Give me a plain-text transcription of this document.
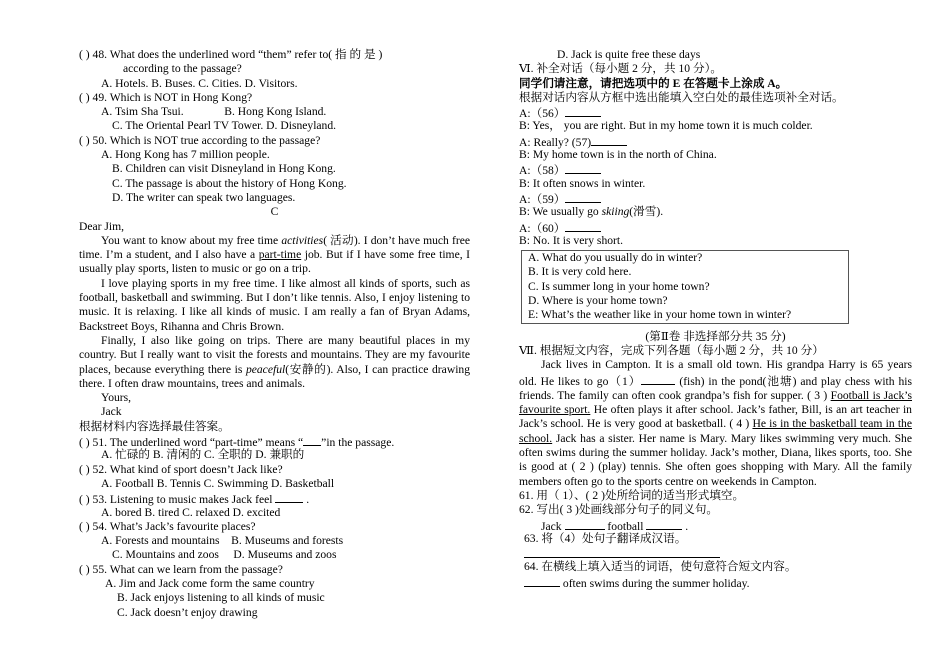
( ) 48. What does the underlined word “them” refer to( 指 的 是 )
according to the passage?
A. Hotels. B. Buses. C. Cities. D. Visitors.
( ) 49. Which is NOT in Hong Kong?
A. Tsim Sha Tsui.              B. Hong Kong Island.
C. The Oriental Pearl TV Tower. D. Disneyland.
( ) 50. Which is NOT true according to the passage?
A. Hong Kong has 7 million people.
B. Children can visit Disneyland in Hong Kong.
C. The passage is about the history of Hong Kong.
D. The writer can speak two languages.
C
Dear Jim,

You want to know about my free time activities( 活动). I don’t have much free time. I’m a student, and I also have a part-time job. But if I have some free time, I usually play sports, listen to music or go on a trip.

I love playing sports in my free time. I like almost all kinds of sports, such as football, basketball and swimming. But I don’t like tennis. Also, I enjoy listening to music. It is relaxing. I like all kinds of music. I am really a fan of Bryan Adams, Backstreet Boys, Rihanna and Chris Brown.

Finally, I also like going on trips. There are many beautiful places in my country. But I really want to visit the forests and mountains. They are my favourite places, because everything there is peaceful(安静的). Also, I can practice drawing there. I often draw mountains, trees and animals.

Yours,
Jack
根据材料内容选择最佳答案。
( ) 51. The underlined word “part-time” means “ ”in the passage.
A. 忙碌的 B. 清闲的 C. 全职的 D. 兼职的
( ) 52. What kind of sport doesn’t Jack like?
A. Football B. Tennis C. Swimming D. Basketball
( ) 53. Listening to music makes Jack feel	.
A. bored B. tired C. relaxed D. excited
( ) 54. What’s Jack’s favourite places?
A. Forests and mountains    B. Museums and forests
C. Mountains and zoos     D. Museums and zoos
( ) 55. What can we learn from the passage?
A. Jim and Jack come form the same country
B. Jack enjoys listening to all kinds of music
C. Jack doesn’t enjoy drawing
D. Jack is quite free these days
Ⅵ. 补全对话（每小题 2 分，共 10 分）。
同学们请注意，请把选项中的 E 在答题卡上涂成 A。
根据对话内容从方框中选出能填入空白处的最佳选项补全对话。
A:（56）
B: Yes， you are right. But in my home town it is much colder.
A: Really? (57)
B: My home town is in the north of China.
A:（58）
B: It often snows in winter.
A:（59）
B: We usually go skiing(滑雪).
A:（60）
B: No. It is very short.
A. What do you usually do in winter?
B. It is very cold here.
C. Is summer long in your home town?
D. Where is your home town?
E: What’s the weather like in your home town in winter?
(第Ⅱ卷 非选择部分共 35 分)
Ⅶ. 根据短文内容，完成下列各题（每小题 2 分，共 10 分）

Jack lives in Campton. It is a small old town. His grandpa Harry is 65 years old. He likes to go（1）	(fish) in the pond(池塘) and play chess with his friends. The family can often cook grandpa’s fish for supper. ( 3 ) Football is Jack’s favourite sport. He often plays it after school. Jack’s father, Bill, is an art teacher in Jack’s school. He is very good at basketball. ( 4 ) He is in the basketball team in the school. Jack has a sister. Her name is Mary. Mary likes swimming very much. She often swims during the summer holiday. Jack’s mother, Diana, likes sports, too. She is good at ( 2 ) (play) tennis. She often goes shopping with Mary. All the family members often go to the sports centre on weekends in Campton.

61. 用（ 1）、( 2 )处所给词的适当形式填空。
62. 写出( 3 )处画线部分句子的同义句。
Jack	football	.
63. 将（4）处句子翻译成汉语。
64. 在横线上填入适当的词语，使句意符合短文内容。
often swims during the summer holiday.
